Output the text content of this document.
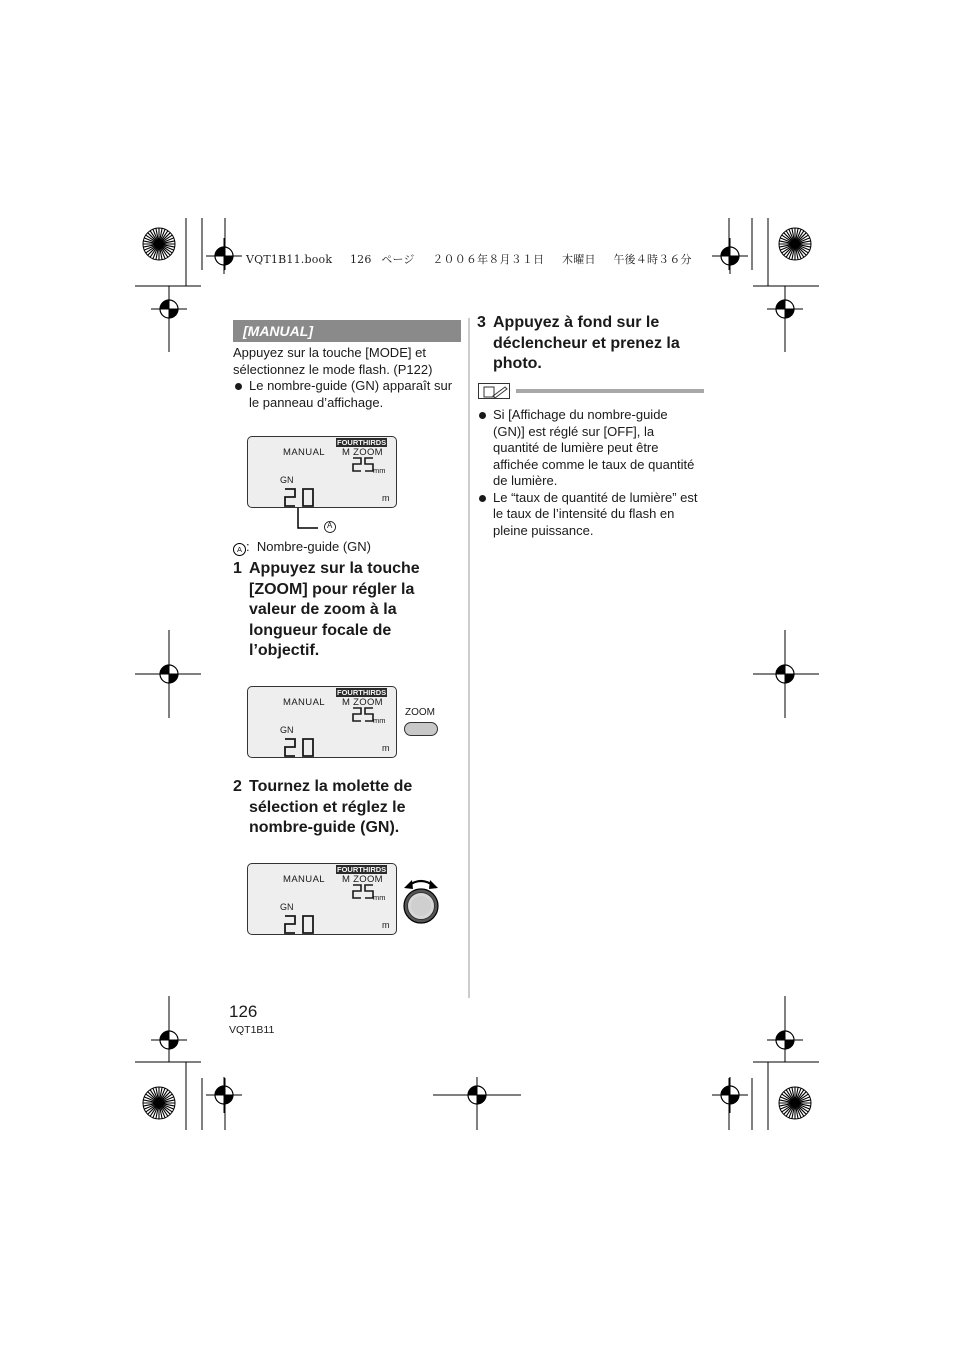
VQT1B11.book 126 ページ ２００６年８月３１日 木曜日 午後４時３６分
[MANUAL]
Appuyez sur la touche [MODE] et sélectionnez le mode flash. (P122)
Le nombre-guide (GN) apparaît sur le panneau d’affichage.
FOURTHIRDS
MANUAL M ZOOM
mm
GN
m
A
A :  Nombre-guide (GN)
1 Appuyez sur la touche [ZOOM] pour régler la valeur de zoom à la longueur focale de l’objectif.
FOURTHIRDS
MANUAL M ZOOM
mm
GN
m
ZOOM
2 Tournez la molette de sélection et réglez le nombre-guide (GN).
FOURTHIRDS
MANUAL M ZOOM
mm
GN
m
3 Appuyez à fond sur le déclencheur et prenez la photo.
Si [Affichage du nombre-guide (GN)] est réglé sur [OFF], la quantité de lumière peut être affichée comme le taux de quantité de lumière.
Le “taux de quantité de lumière” est le taux de l’intensité du flash en pleine puissance.
126
VQT1B11
